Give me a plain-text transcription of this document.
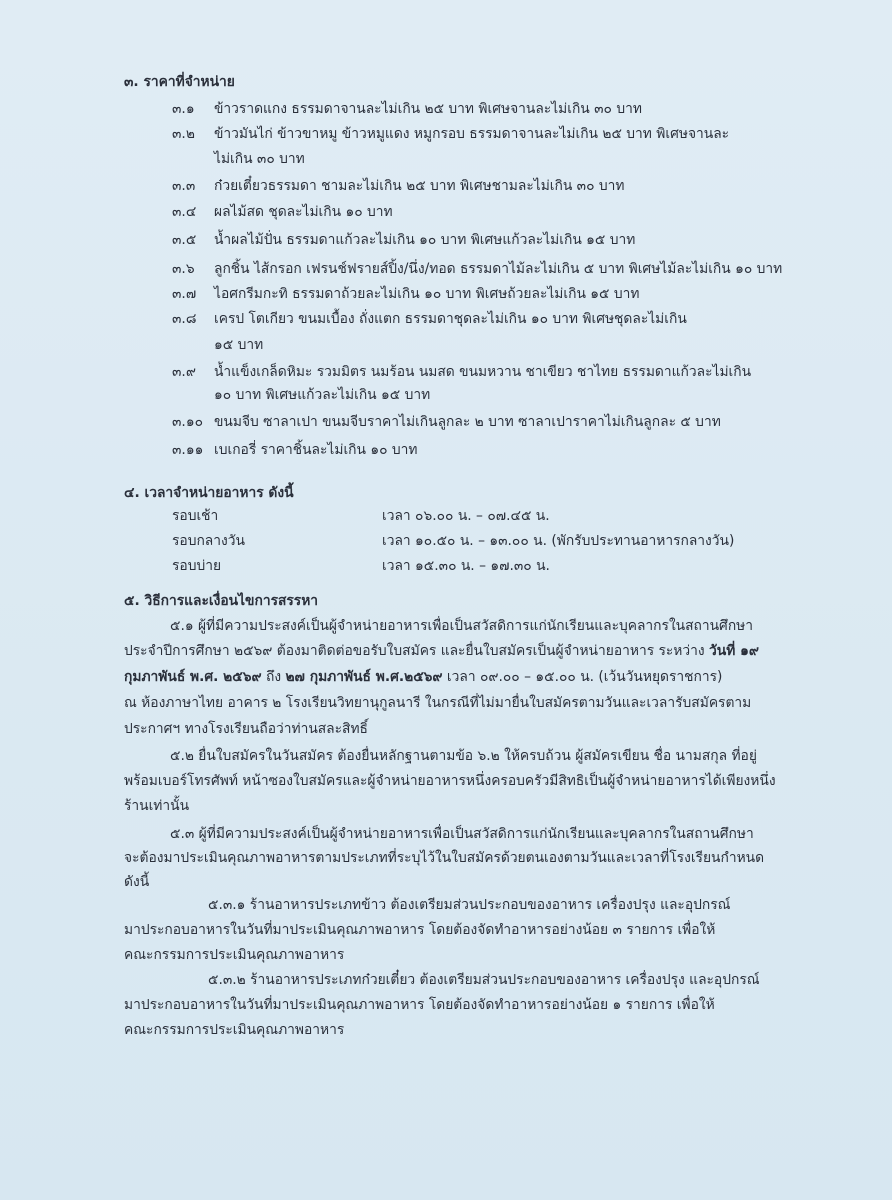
๓. ราคาที่จำหน่าย
๓.๑ ข้าวราดแกง ธรรมดาจานละไม่เกิน ๒๕ บาท พิเศษจานละไม่เกิน ๓๐ บาท
๓.๒ ข้าวมันไก่ ข้าวขาหมู ข้าวหมูแดง หมูกรอบ ธรรมดาจานละไม่เกิน ๒๕ บาท พิเศษจานละ
ไม่เกิน ๓๐ บาท
๓.๓ ก๋วยเตี๋ยวธรรมดา ชามละไม่เกิน ๒๕ บาท พิเศษชามละไม่เกิน ๓๐ บาท
๓.๔ ผลไม้สด ชุดละไม่เกิน ๑๐ บาท
๓.๕ น้ำผลไม้ปั่น ธรรมดาแก้วละไม่เกิน ๑๐ บาท พิเศษแก้วละไม่เกิน ๑๕ บาท
๓.๖ ลูกชิ้น ไส้กรอก เฟรนช์ฟรายส์ปิ้ง/นึ่ง/ทอด ธรรมดาไม้ละไม่เกิน ๕ บาท พิเศษไม้ละไม่เกิน ๑๐ บาท
๓.๗ ไอศกรีมกะทิ ธรรมดาถ้วยละไม่เกิน ๑๐ บาท พิเศษถ้วยละไม่เกิน ๑๕ บาท
๓.๘ เครป โตเกียว ขนมเบื้อง ถั่งแตก ธรรมดาชุดละไม่เกิน ๑๐ บาท พิเศษชุดละไม่เกิน
๑๕ บาท
๓.๙ น้ำแข็งเกล็ดหิมะ รวมมิตร นมร้อน นมสด ขนมหวาน ชาเขียว ชาไทย ธรรมดาแก้วละไม่เกิน
๑๐ บาท พิเศษแก้วละไม่เกิน ๑๕ บาท
๓.๑๐ ขนมจีบ ซาลาเปา ขนมจีบราคาไม่เกินลูกละ ๒ บาท ซาลาเปาราคาไม่เกินลูกละ ๕ บาท
๓.๑๑ เบเกอรี่ ราคาชิ้นละไม่เกิน ๑๐ บาท
๔. เวลาจำหน่ายอาหาร ดังนี้
รอบเช้า	เวลา ๐๖.๐๐ น. – ๐๗.๔๕ น.
รอบกลางวัน	เวลา ๑๐.๕๐ น. – ๑๓.๐๐ น. (พักรับประทานอาหารกลางวัน)
รอบบ่าย	เวลา ๑๕.๓๐ น. – ๑๗.๓๐ น.
๕. วิธีการและเงื่อนไขการสรรหา
๕.๑ ผู้ที่มีความประสงค์เป็นผู้จำหน่ายอาหารเพื่อเป็นสวัสดิการแก่นักเรียนและบุคลากรในสถานศึกษา
ประจำปีการศึกษา ๒๕๖๙ ต้องมาติดต่อขอรับใบสมัคร และยื่นใบสมัครเป็นผู้จำหน่ายอาหาร ระหว่าง วันที่ ๑๙
กุมภาพันธ์ พ.ศ. ๒๕๖๙ ถึง ๒๗ กุมภาพันธ์ พ.ศ.๒๕๖๙ เวลา ๐๙.๐๐ – ๑๕.๐๐ น. (เว้นวันหยุดราชการ)
ณ ห้องภาษาไทย อาคาร ๒ โรงเรียนวิทยานุกูลนารี ในกรณีที่ไม่มายื่นใบสมัครตามวันและเวลารับสมัครตาม
ประกาศฯ ทางโรงเรียนถือว่าท่านสละสิทธิ์
๕.๒ ยื่นใบสมัครในวันสมัคร ต้องยื่นหลักฐานตามข้อ ๖.๒ ให้ครบถ้วน ผู้สมัครเขียน ชื่อ นามสกุล ที่อยู่
พร้อมเบอร์โทรศัพท์ หน้าซองใบสมัครและผู้จำหน่ายอาหารหนึ่งครอบครัวมีสิทธิเป็นผู้จำหน่ายอาหารได้เพียงหนึ่ง
ร้านเท่านั้น
๕.๓ ผู้ที่มีความประสงค์เป็นผู้จำหน่ายอาหารเพื่อเป็นสวัสดิการแก่นักเรียนและบุคลากรในสถานศึกษา
จะต้องมาประเมินคุณภาพอาหารตามประเภทที่ระบุไว้ในใบสมัครด้วยตนเองตามวันและเวลาที่โรงเรียนกำหนด
ดังนี้
๕.๓.๑ ร้านอาหารประเภทข้าว ต้องเตรียมส่วนประกอบของอาหาร เครื่องปรุง และอุปกรณ์
มาประกอบอาหารในวันที่มาประเมินคุณภาพอาหาร โดยต้องจัดทำอาหารอย่างน้อย ๓ รายการ เพื่อให้
คณะกรรมการประเมินคุณภาพอาหาร
๕.๓.๒ ร้านอาหารประเภทก๋วยเตี๋ยว ต้องเตรียมส่วนประกอบของอาหาร เครื่องปรุง และอุปกรณ์
มาประกอบอาหารในวันที่มาประเมินคุณภาพอาหาร โดยต้องจัดทำอาหารอย่างน้อย ๑ รายการ เพื่อให้
คณะกรรมการประเมินคุณภาพอาหาร
